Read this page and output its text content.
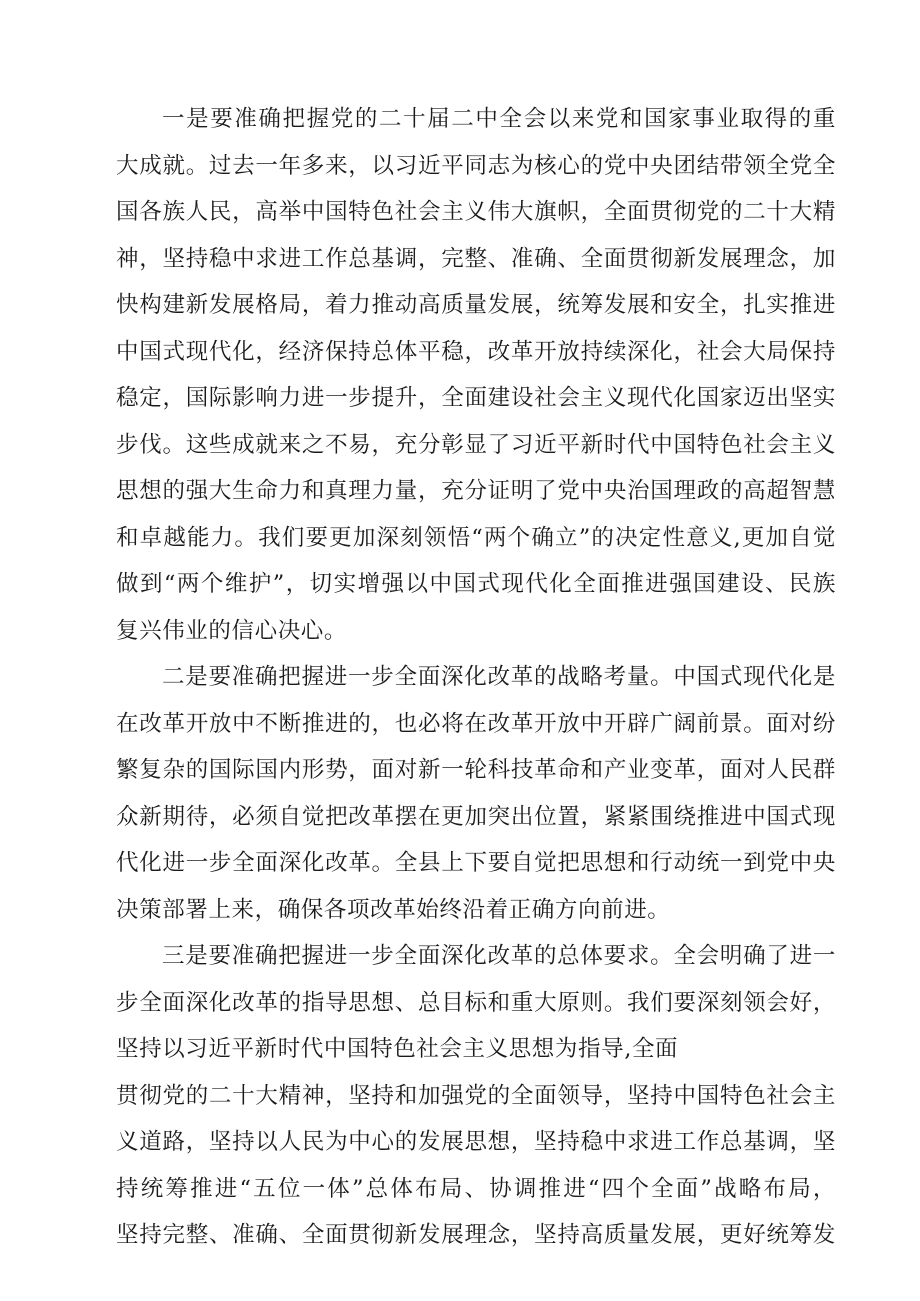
一是要准确把握党的二十届二中全会以来党和国家事业取得的重
大成就。过去一年多来，以习近平同志为核心的党中央团结带领全党全
国各族人民，高举中国特色社会主义伟大旗帜，全面贯彻党的二十大精
神，坚持稳中求进工作总基调，完整、准确、全面贯彻新发展理念，加
快构建新发展格局，着力推动高质量发展，统筹发展和安全，扎实推进
中国式现代化，经济保持总体平稳，改革开放持续深化，社会大局保持
稳定，国际影响力进一步提升，全面建设社会主义现代化国家迈出坚实
步伐。这些成就来之不易，充分彰显了习近平新时代中国特色社会主义
思想的强大生命力和真理力量，充分证明了党中央治国理政的高超智慧
和卓越能力。我们要更加深刻领悟“两个确立”的决定性意义,更加自觉
做到“两个维护”，切实增强以中国式现代化全面推进强国建设、民族
复兴伟业的信心决心。
二是要准确把握进一步全面深化改革的战略考量。中国式现代化是
在改革开放中不断推进的，也必将在改革开放中开辟广阔前景。面对纷
繁复杂的国际国内形势，面对新一轮科技革命和产业变革，面对人民群
众新期待，必须自觉把改革摆在更加突出位置，紧紧围绕推进中国式现
代化进一步全面深化改革。全县上下要自觉把思想和行动统一到党中央
决策部署上来，确保各项改革始终沿着正确方向前进。
三是要准确把握进一步全面深化改革的总体要求。全会明确了进一
步全面深化改革的指导思想、总目标和重大原则。我们要深刻领会好，
坚持以习近平新时代中国特色社会主义思想为指导,全面
贯彻党的二十大精神，坚持和加强党的全面领导，坚持中国特色社会主
义道路，坚持以人民为中心的发展思想，坚持稳中求进工作总基调，坚
持统筹推进“五位一体”总体布局、协调推进“四个全面”战略布局，
坚持完整、准确、全面贯彻新发展理念，坚持高质量发展，更好统筹发
